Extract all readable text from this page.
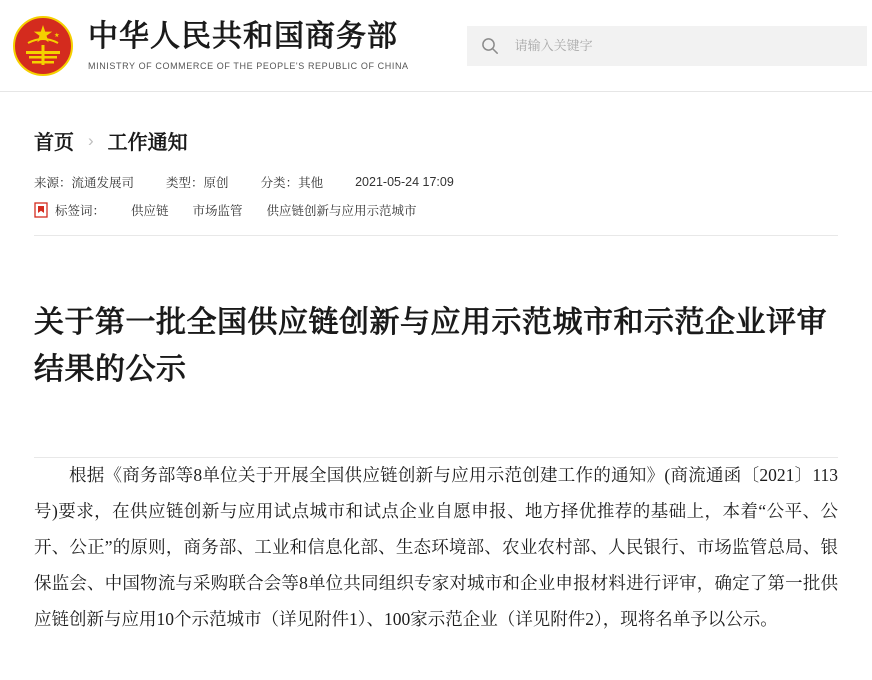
中华人民共和国商务部
MINISTRY OF COMMERCE OF THE PEOPLE'S REPUBLIC OF CHINA
请输入关键字
首页 › 工作通知
来源：流通发展司	类型：原创	分类：其他	2021-05-24 17:09
标签词： 供应链 市场监管 供应链创新与应用示范城市
关于第一批全国供应链创新与应用示范城市和示范企业评审结果的公示

根据《商务部等8单位关于开展全国供应链创新与应用示范创建工作的通知》(商流通函〔2021〕113号)要求，在供应链创新与应用试点城市和试点企业自愿申报、地方择优推荐的基础上，本着“公平、公开、公正”的原则，商务部、工业和信息化部、生态环境部、农业农村部、人民银行、市场监管总局、银保监会、中国物流与采购联合会等8单位共同组织专家对城市和企业申报材料进行评审，确定了第一批供应链创新与应用10个示范城市（详见附件1）、100家示范企业（详见附件2），现将名单予以公示。
